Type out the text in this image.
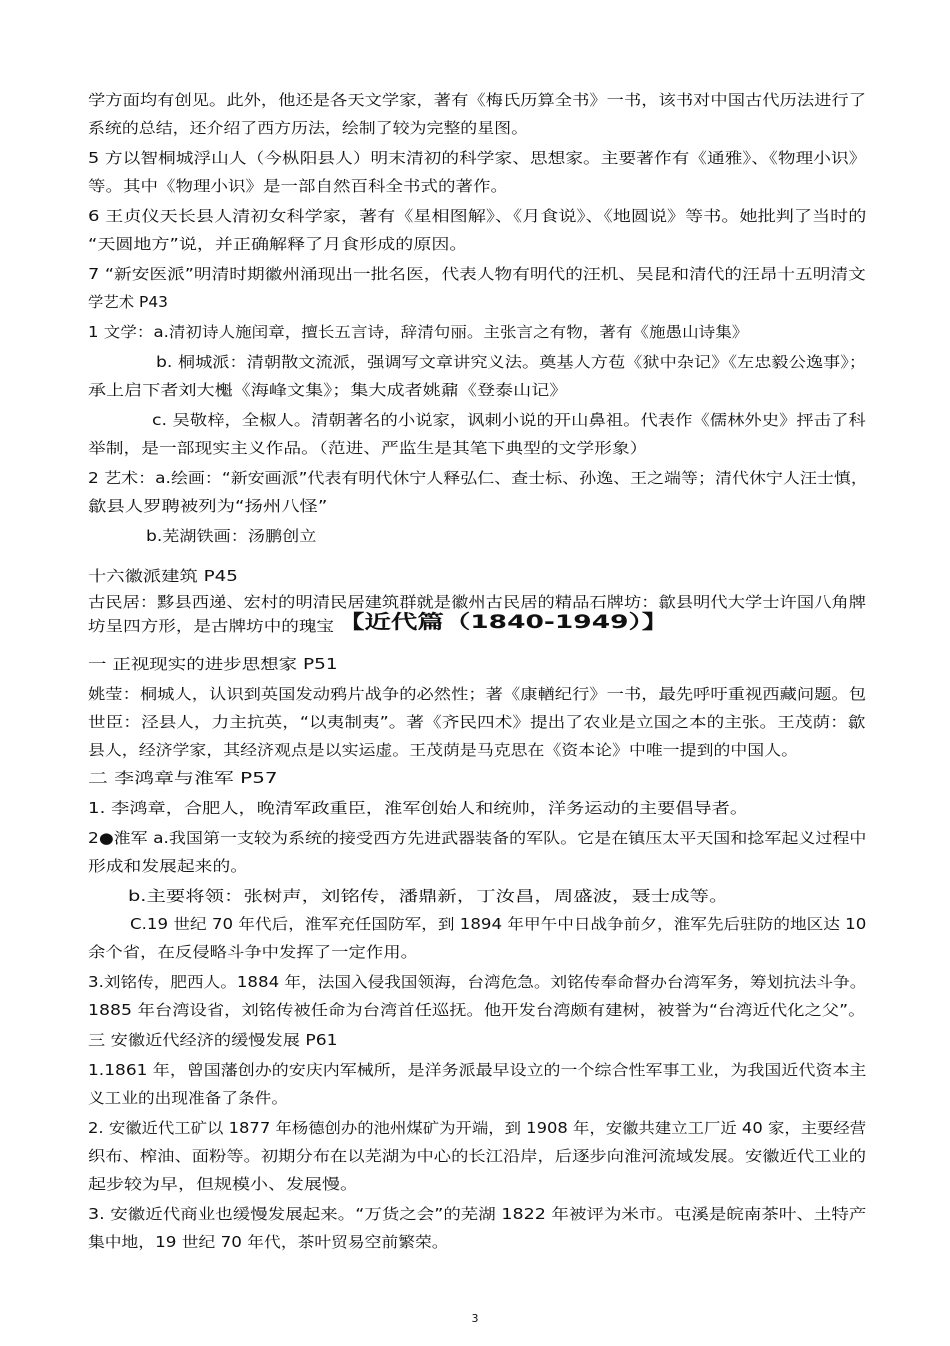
学方面均有创见。此外，他还是各天文学家，著有《梅氏历算全书》一书，该书对中国古代历法进行了
系统的总结，还介绍了西方历法，绘制了较为完整的星图。
5 方以智桐城浮山人（今枞阳县人）明末清初的科学家、思想家。主要著作有《通雅》、《物理小识》
等。其中《物理小识》是一部自然百科全书式的著作。
6 王贞仪天长县人清初女科学家，著有《星相图解》、《月食说》、《地圆说》等书。她批判了当时的
“天圆地方”说，并正确解释了月食形成的原因。
7 “新安医派”明清时期徽州涌现出一批名医，代表人物有明代的汪机、吴昆和清代的汪昂十五明清文
学艺术 P43
1 文学：a.清初诗人施闰章，擅长五言诗，辞清句丽。主张言之有物，著有《施愚山诗集》
b. 桐城派：清朝散文流派，强调写文章讲究义法。奠基人方苞《狱中杂记》《左忠毅公逸事》；
承上启下者刘大櫆《海峰文集》；集大成者姚鼐《登泰山记》
c. 吴敬梓，全椒人。清朝著名的小说家，讽刺小说的开山鼻祖。代表作《儒林外史》抨击了科
举制，是一部现实主义作品。（范进、严监生是其笔下典型的文学形象）
2 艺术：a.绘画：“新安画派”代表有明代休宁人释弘仁、查士标、孙逸、王之端等；清代休宁人汪士慎，
歙县人罗聘被列为“扬州八怪”
b.芜湖铁画：汤鹏创立
十六徽派建筑 P45
古民居：黟县西递、宏村的明清民居建筑群就是徽州古民居的精品石牌坊：歙县明代大学士许国八角牌
坊呈四方形，是古牌坊中的瑰宝 【近代篇（1840-1949）】
一 正视现实的进步思想家 P51
姚莹：桐城人，认识到英国发动鸦片战争的必然性；著《康輶纪行》一书，最先呼吁重视西藏问题。包
世臣：泾县人，力主抗英，“以夷制夷”。著《齐民四术》提出了农业是立国之本的主张。王茂荫：歙
县人，经济学家，其经济观点是以实运虚。王茂荫是马克思在《资本论》中唯一提到的中国人。
二 李鸿章与淮军 P57
1. 李鸿章，合肥人，晚清军政重臣，淮军创始人和统帅，洋务运动的主要倡导者。
2●淮军 a.我国第一支较为系统的接受西方先进武器装备的军队。它是在镇压太平天国和捻军起义过程中
形成和发展起来的。
b.主要将领：张树声，刘铭传，潘鼎新，丁汝昌，周盛波，聂士成等。
C.19 世纪 70 年代后，淮军充任国防军，到 1894 年甲午中日战争前夕，淮军先后驻防的地区达 10
余个省，在反侵略斗争中发挥了一定作用。
3.刘铭传，肥西人。1884 年，法国入侵我国领海，台湾危急。刘铭传奉命督办台湾军务，筹划抗法斗争。
1885 年台湾设省，刘铭传被任命为台湾首任巡抚。他开发台湾颇有建树，被誉为“台湾近代化之父”。
三 安徽近代经济的缓慢发展 P61
1.1861 年，曾国藩创办的安庆内军械所，是洋务派最早设立的一个综合性军事工业，为我国近代资本主
义工业的出现准备了条件。
2. 安徽近代工矿以 1877 年杨德创办的池州煤矿为开端，到 1908 年，安徽共建立工厂近 40 家，主要经营
织布、榨油、面粉等。初期分布在以芜湖为中心的长江沿岸，后逐步向淮河流域发展。安徽近代工业的
起步较为早，但规模小、发展慢。
3. 安徽近代商业也缓慢发展起来。“万货之会”的芜湖 1822 年被评为米市。屯溪是皖南茶叶、土特产
集中地，19 世纪 70 年代，茶叶贸易空前繁荣。
3
